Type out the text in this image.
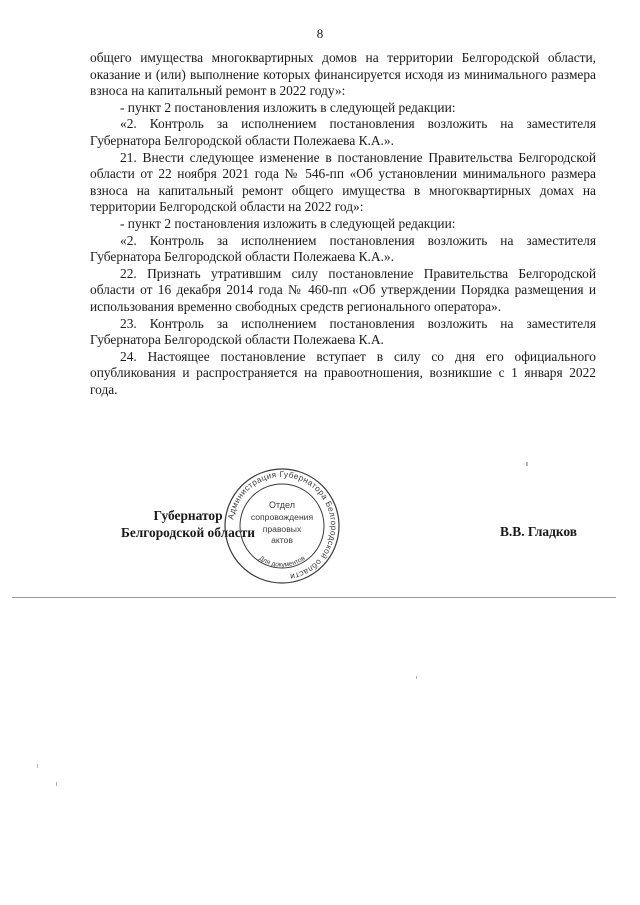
8

общего имущества многоквартирных домов на территории Белгородской области, оказание и (или) выполнение которых финансируется исходя из минимального размера взноса на капитальный ремонт в 2022 году»:

- пункт 2 постановления изложить в следующей редакции:

«2. Контроль за исполнением постановления возложить на заместителя Губернатора Белгородской области Полежаева К.А.».

21. Внести следующее изменение в постановление Правительства Белгородской области от 22 ноября 2021 года № 546-пп «Об установлении минимального размера взноса на капитальный ремонт общего имущества в многоквартирных домах на территории Белгородской области на 2022 год»:

- пункт 2 постановления изложить в следующей редакции:

«2. Контроль за исполнением постановления возложить на заместителя Губернатора Белгородской области Полежаева К.А.».

22. Признать утратившим силу постановление Правительства Белгородской области от 16 декабря 2014 года № 460-пп «Об утверждении Порядка размещения и использования временно свободных средств регионального оператора».

23. Контроль за исполнением постановления возложить на заместителя Губернатора Белгородской области Полежаева К.А.

24. Настоящее постановление вступает в силу со дня его официального опубликования и распространяется на правоотношения, возникшие с 1 января 2022 года.

Губернатор
Белгородской области	В.В. Гладков
Администрация Губернатора Белгородской области
Отдел
сопровождения
правовых
актов
Для документов
